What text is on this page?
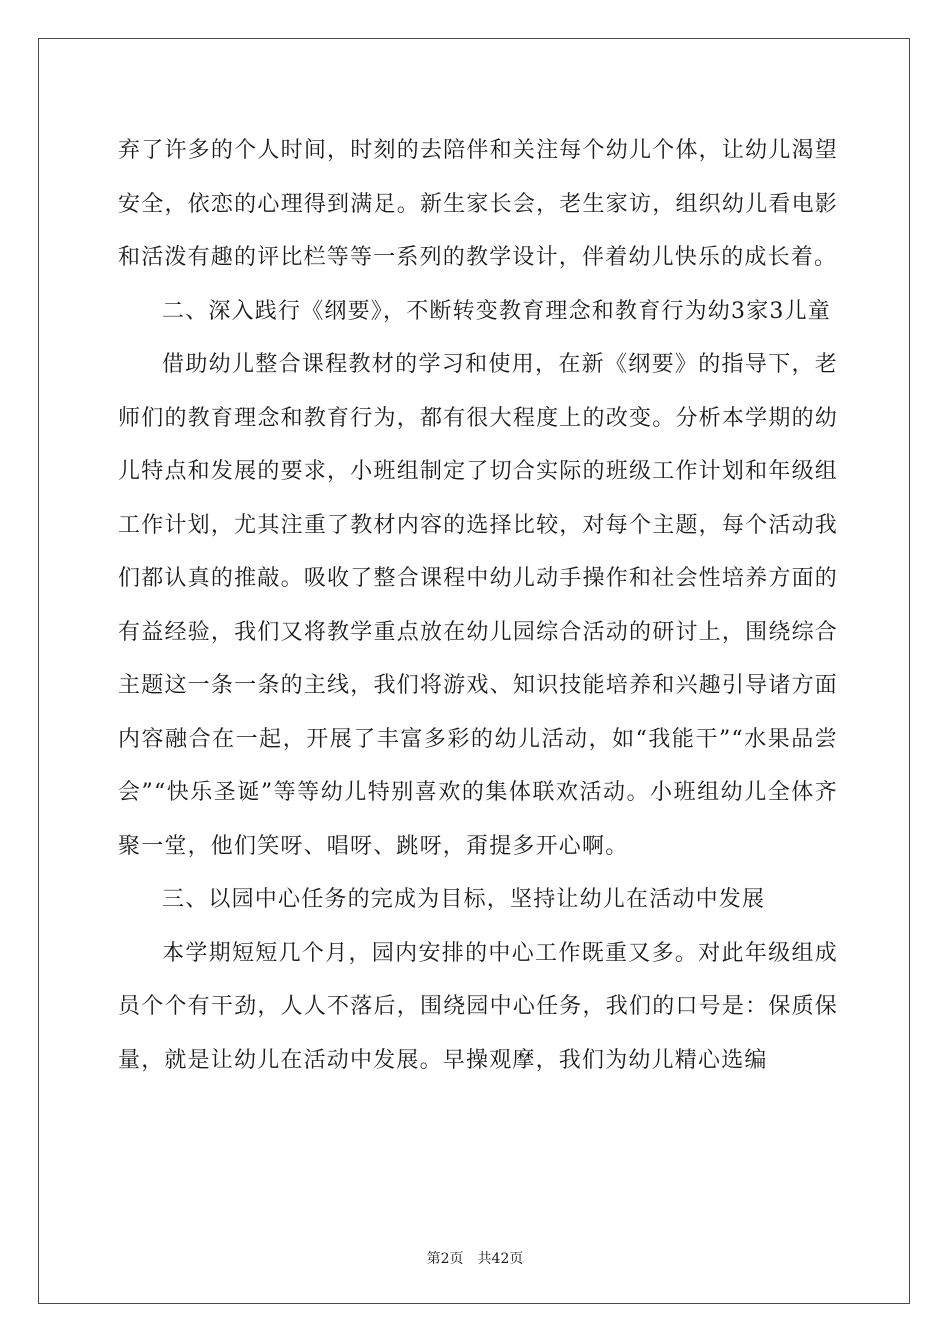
弃了许多的个人时间，时刻的去陪伴和关注每个幼儿个体，让幼儿渴望安全，依恋的心理得到满足。新生家长会，老生家访，组织幼儿看电影和活泼有趣的评比栏等等一系列的教学设计，伴着幼儿快乐的成长着。

二、深入践行《纲要》，不断转变教育理念和教育行为幼3家3儿童

借助幼儿整合课程教材的学习和使用，在新《纲要》的指导下，老师们的教育理念和教育行为，都有很大程度上的改变。分析本学期的幼儿特点和发展的要求，小班组制定了切合实际的班级工作计划和年级组工作计划，尤其注重了教材内容的选择比较，对每个主题，每个活动我们都认真的推敲。吸收了整合课程中幼儿动手操作和社会性培养方面的有益经验，我们又将教学重点放在幼儿园综合活动的研讨上，围绕综合主题这一条一条的主线，我们将游戏、知识技能培养和兴趣引导诸方面内容融合在一起，开展了丰富多彩的幼儿活动，如“我能干”“水果品尝会”“快乐圣诞”等等幼儿特别喜欢的集体联欢活动。小班组幼儿全体齐聚一堂，他们笑呀、唱呀、跳呀，甭提多开心啊。

三、以园中心任务的完成为目标，坚持让幼儿在活动中发展

本学期短短几个月，园内安排的中心工作既重又多。对此年级组成员个个有干劲，人人不落后，围绕园中心任务，我们的口号是：保质保量，就是让幼儿在活动中发展。早操观摩，我们为幼儿精心选编

第2页 共42页
